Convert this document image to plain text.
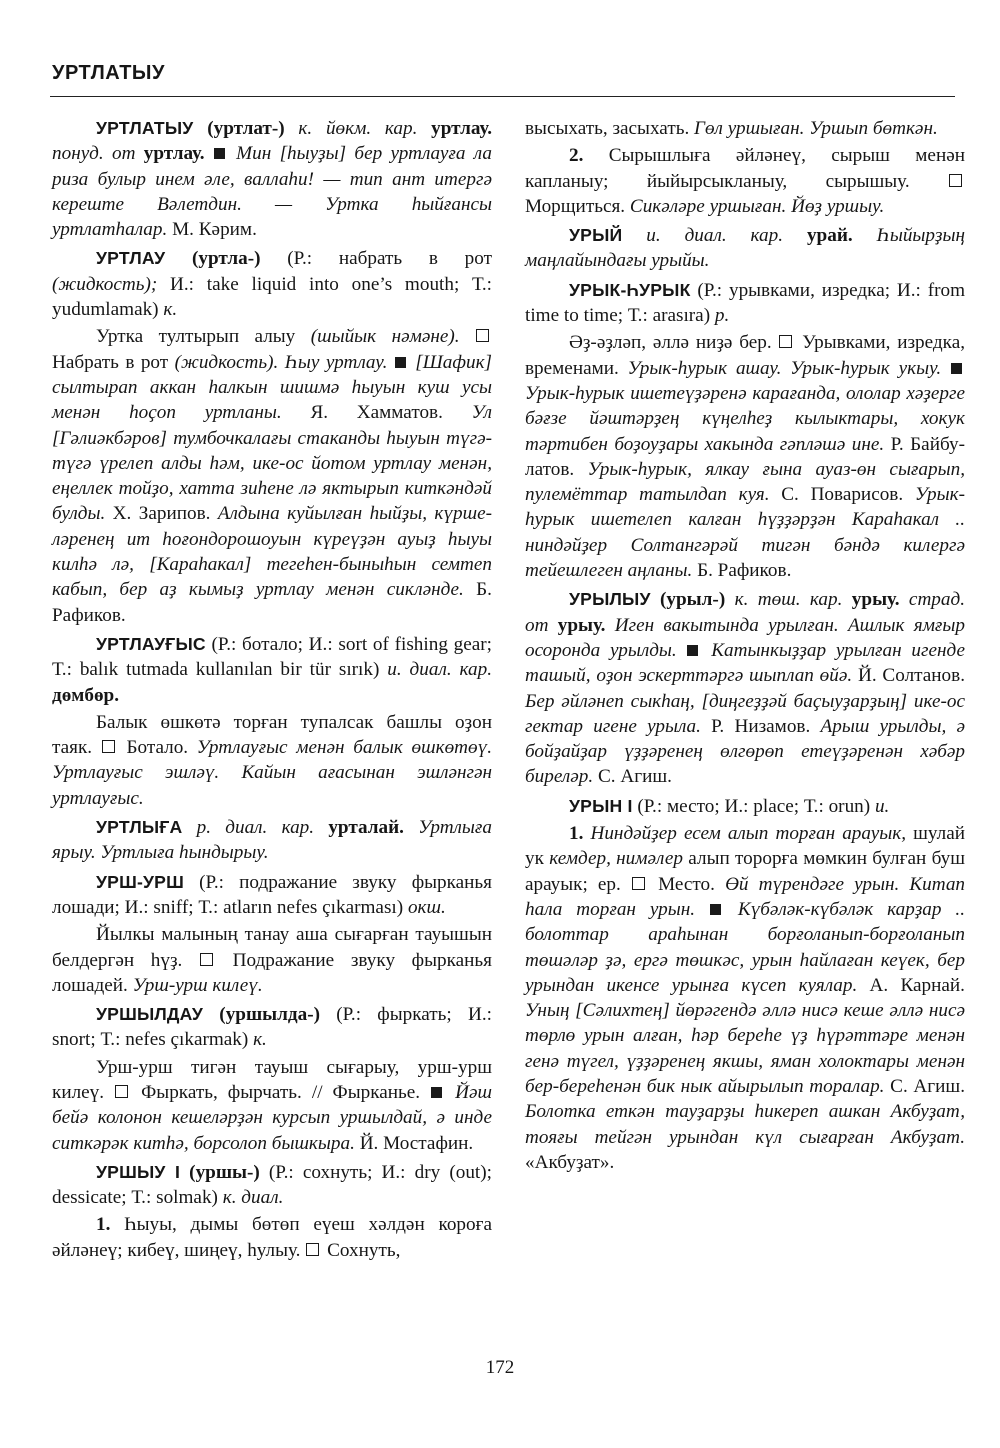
УРТЛАТЫУ

УРТЛАТЫУ (уртлат-) к. йөкм. кар. уртлау. понуд. от уртлау.  Мин [һыуҙы] бер уртлауға ла риза булыр инем әле, валлаһи! — тип ант итергә кереште Вәлетдин. — Уртка һыйғансы уртлатһалар. М. Кәрим.

УРТЛАУ (уртла-) (Р.: набрать в рот (жидкость); И.: take liquid into one’s mouth; Т.: yudumlamak) к.

Уртка тултырып алыу (шыйык нәмәне).  Набрать в рот (жидкость). Һыу уртлау.  [Шафик] сылтырап аккан һалкын шишмә һыуын куш усы менән һоҫоп уртланы. Я. Хамматов. Ул [Гәлиәкбәров] тумбочкалағы стаканды һыуын түгә-түгә үрелеп алды һәм, ике-ос йотом уртлау менән, еңеллек тойҙо, хатта зиһене лә яктырып киткәндәй булды. Х. Зарипов. Алдына куйылған һыйҙы, күршеләренең ит һоғондорошоуын күреүҙән ауыҙ һыуы килһә лә, [Караһакал] тегеһен-быныһын семтеп кабып, бер аҙ кымыҙ уртлау менән сикләнде. Б. Рафиков.

УРТЛАУҒЫС (Р.: ботало; И.: sort of fishing gear; Т.: balık tutmada kullanılan bir tür sırık) и. диал. кар. дөмбөр.

Балык өшкөтә торған тупалсак башлы оҙон таяк.  Ботало. Уртлауғыс менән балык өшкөтөү. Уртлауғыс эшләү. Кайын ағасынан эшләнгән уртлауғыс.

УРТЛЫҒА р. диал. кар. урталай. Уртлыға ярыу. Уртлыға һындырыу.

УРШ-УРШ (Р.: подражание звуку фырканья лошади; И.: sniff; Т.: atların nefes çıkarması) окш.

Йылкы малының танау аша сығарған тауышын белдергән һүҙ.  Подражание звуку фырканья лошадей. Урш-урш килеү.

УРШЫЛДАУ (уршылда-) (Р.: фыркать; И.: snort; Т.: nefes çıkarmak) к.

Урш-урш тигән тауыш сығарыу, урш-урш килеү.  Фыркать, фырчать. // Фырканье.  Йәш бейә колонон кешеләрҙән курсып уршылдай, ә инде ситкәрәк китһә, борсолоп бышкыра. Й. Мостафин.

УРШЫУ I (уршы-) (Р.: сохнуть; И.: dry (out); dessicate; Т.: solmak) к. диал.

1. Һыуы, дымы бөтөп еүеш хәлдән короға әйләнеү; кибеү, шиңеү, һулыу.  Сохнуть,

высыхать, засыхать. Гөл уршыған. Уршып бөткән.

2. Сырышлыға әйләнеү, сырыш менән капланыу; йыйырсыкланыу, сырышыу.  Морщиться. Сикәләре уршыған. Йөҙ уршыу.

УРЫЙ и. диал. кар. урай. Һыйырҙың маңлайындағы урыйы.

УРЫК-ҺУРЫК (Р.: урывками, изредка; И.: from time to time; Т.: arasıra) р.

Әҙ-әҙләп, әллә ниҙә бер.  Урывками, изредка, временами. Урык-һурык ашау. Урык-һурык укыу.  Урык-һурык ишетеүҙәренә карағанда, ололар хәҙерге бәғзе йәштәрҙең күңелһеҙ кылыктары, хокук тәртибен боҙоуҙары хакында гәпләшә ине. Р. Байбулатов. Урык-һурык, ялкау ғына ауаз-өн сығарып, пулемёттар татылдап куя. С. Поварисов. Урык-һурык ишетелеп калған һүҙҙәрҙән Караһакал .. ниндәйҙер Солтангәрәй тигән бәндә килергә тейешлеген аңланы. Б. Рафиков.

УРЫЛЫУ (урыл-) к. төш. кар. урыу. страд. от урыу. Иген вакытында урылған. Ашлык ямғыр осоронда урылды.  Катынкыҙҙар урылған игенде ташый, оҙон эскерттәргә шыплап өйә. Й. Солтанов. Бер әйләнеп сыкһаң, [диңгеҙҙәй баҫыуҙарҙың] ике-ос гектар игене урыла. Р. Низамов. Арыш урылды, ә бойҙайҙар үҙҙәренең өлгөрөп етеүҙәренән хәбәр биреләр. С. Агиш.

УРЫН I (Р.: место; И.: place; Т.: orun) и.

1. Ниндәйҙер есем алып торған арауык, шулай ук кемдер, нимәлер алып торорға мөмкин булған буш арауык; ер.  Место. Өй түрендәге урын. Китап һала торған урын.  Күбәләк-күбәләк карҙар .. болоттар араһынан борғоланып-борғоланып төшәләр ҙә, ергә төшкәс, урын һайлаған кеүек, бер урындан икенсе урынға күсеп куялар. А. Карнай. Уның [Сәлихтең] йөрәгендә әллә нисә кеше әллә нисә төрлө урын алған, һәр берeһе үҙ һүрәттәре менән генә түгел, үҙҙәренең якшы, яман холоктары менән бер-береһенән бик нык айырылып торалар. С. Агиш. Болотка еткән тауҙарҙы һикереп ашкан Акбуҙат, тояғы тейгән урындан күл сығарған Акбуҙат. «Акбуҙат».

172
